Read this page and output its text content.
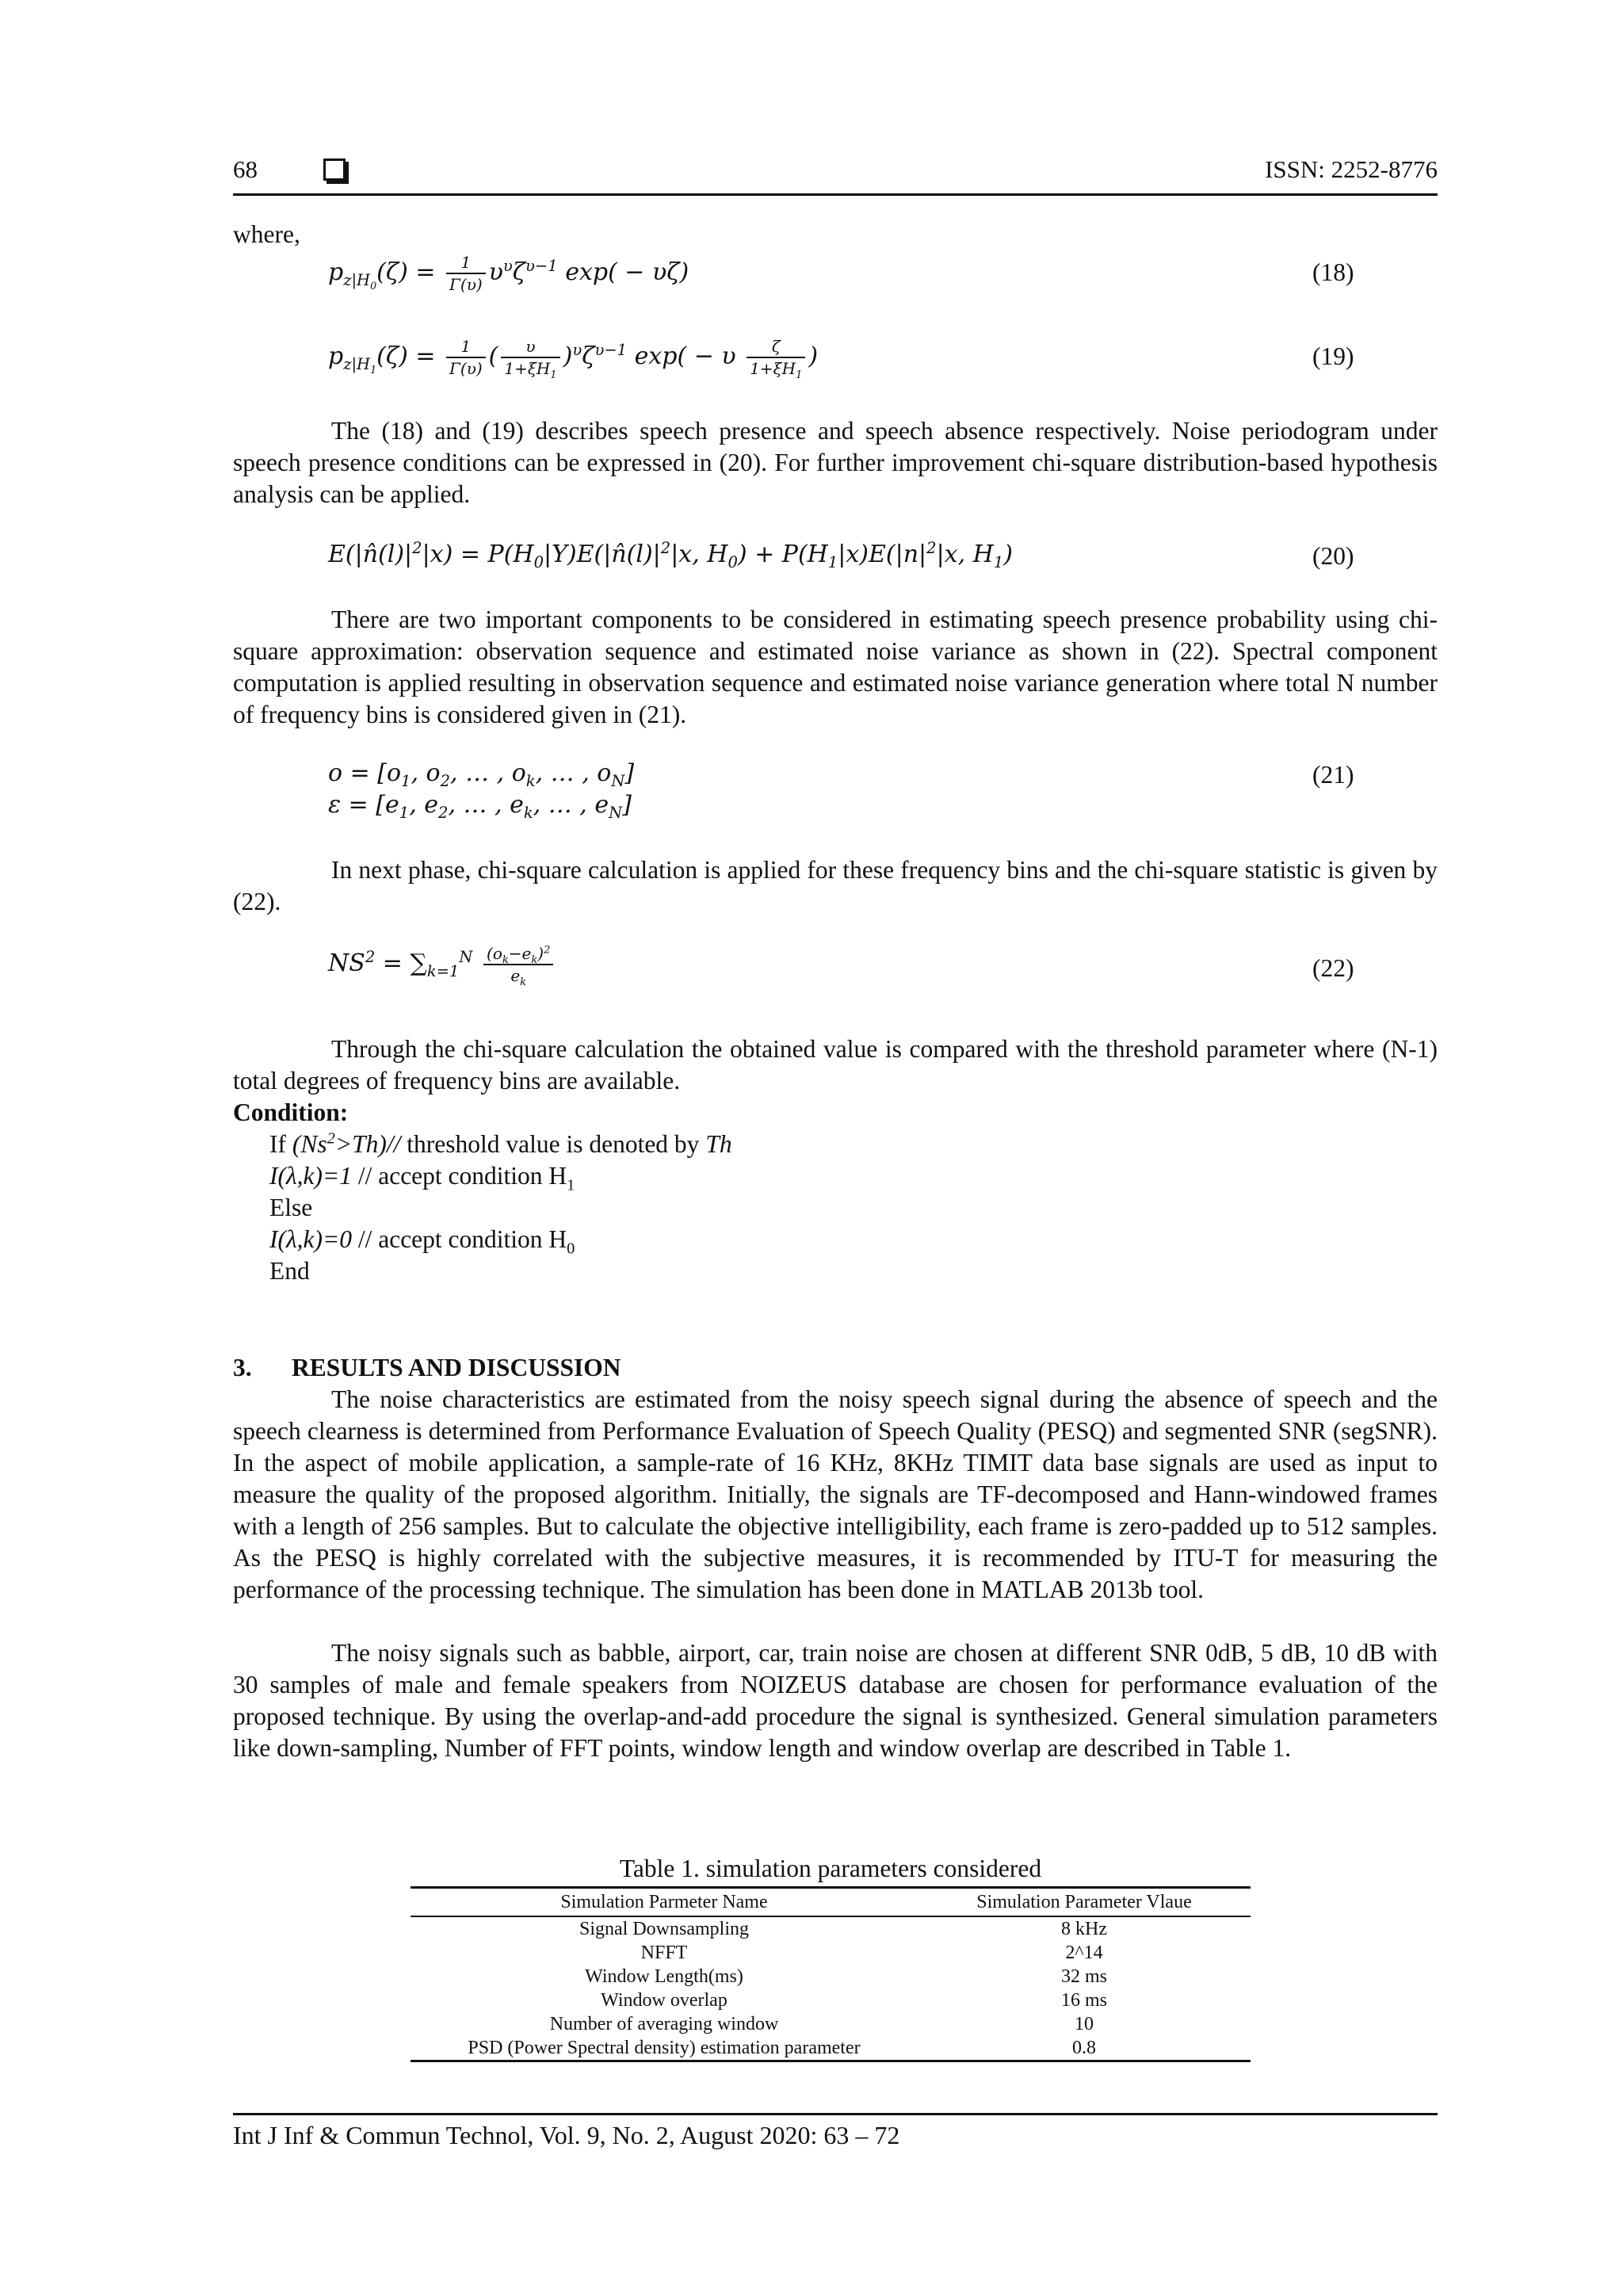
68	ISSN: 2252-8776
where,
$p_{z|H_0}(\zeta) = \frac{1}{\Gamma(\upsilon)} \upsilon^\upsilon\zeta^{\upsilon-1}$ exp( − υζ)	(18)
$p_{z|H_1}(\zeta) = \frac{1}{\Gamma(\upsilon)}$ ( $\frac{\upsilon}{1+\xi H_1} )^\upsilon\zeta^{\upsilon-1}$ exp( − υ $\frac{\zeta}{1+\xi H_1}$ )	(19)

The (18) and (19) describes speech presence and speech absence respectively. Noise periodogram under speech presence conditions can be expressed in (20). For further improvement chi-square distribution-based hypothesis analysis can be applied.

$E(|n̂(l)|^2|x)$ = $P(H_0|Y)E(|n̂(l)|^2|x$, $H_0) + P(H_1|x)E(|n|^2|x$, $H_1$)	(20)

There are two important components to be considered in estimating speech presence probability using chi-square approximation: observation sequence and estimated noise variance as shown in (22). Spectral component computation is applied resulting in observation sequence and estimated noise variance generation where total N number of frequency bins is considered given in (21).

$o = [o_1$, $o_2$, … , $o_k$, … , $o_N$]
$\varepsilon = [e_1$, $e_2$, … , $e_k$, … , $e_N$]
(21)

In next phase, chi-square calculation is applied for these frequency bins and the chi-square statistic is given by (22).

$NS^2 = \sum_{k=1}^N \frac{(o_k-e_k)^2}{e_k}$	(22)

Through the chi-square calculation the obtained value is compared with the threshold parameter where (N-1) total degrees of frequency bins are available.

Condition:
If $(Ns^2>Th)//$ threshold value is denoted by Th
I(λ,k)=1 // accept condition $H_1$
Else
I(λ,k)=0 // accept condition $H_0$
End
3. RESULTS AND DISCUSSION

The noise characteristics are estimated from the noisy speech signal during the absence of speech and the speech clearness is determined from Performance Evaluation of Speech Quality (PESQ) and segmented SNR (segSNR). In the aspect of mobile application, a sample-rate of 16 KHz, 8KHz TIMIT data base signals are used as input to measure the quality of the proposed algorithm. Initially, the signals are TF-decomposed and Hann-windowed frames with a length of 256 samples. But to calculate the objective intelligibility, each frame is zero-padded up to 512 samples. As the PESQ is highly correlated with the subjective measures, it is recommended by ITU-T for measuring the performance of the processing technique. The simulation has been done in MATLAB 2013b tool.

The noisy signals such as babble, airport, car, train noise are chosen at different SNR 0dB, 5 dB, 10 dB with 30 samples of male and female speakers from NOIZEUS database are chosen for performance evaluation of the proposed technique. By using the overlap-and-add procedure the signal is synthesized. General simulation parameters like down-sampling, Number of FFT points, window length and window overlap are described in Table 1.

Table 1. simulation parameters considered
Simulation Parmeter Name	Simulation Parameter Vlaue
Signal Downsampling	8 kHz
NFFT	2^14
Window Length(ms)	32 ms
Window overlap	16 ms
Number of averaging window	10
PSD (Power Spectral density) estimation parameter	0.8
Int J Inf & Commun Technol, Vol. 9, No. 2, August 2020: 63 – 72
